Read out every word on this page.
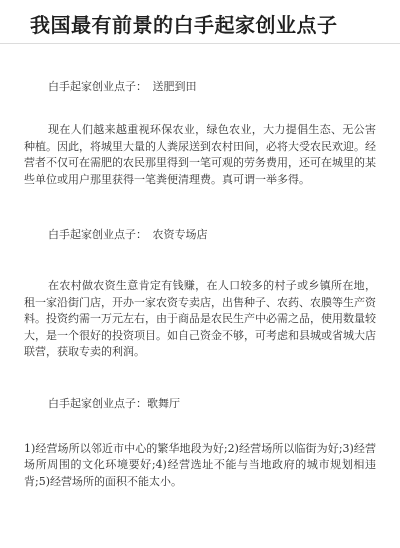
我国最有前景的白手起家创业点子

白手起家创业点子：　送肥到田

现在人们越来越重视环保农业，绿色农业，大力提倡生态、无公害种植。因此，将城里大量的人粪尿送到农村田间，必将大受农民欢迎。经营者不仅可在需肥的农民那里得到一笔可观的劳务费用，还可在城里的某些单位或用户那里获得一笔粪便清理费。真可谓一举多得。

白手起家创业点子：　农资专场店

在农村做农资生意肯定有钱赚，在人口较多的村子或乡镇所在地，租一家沿街门店，开办一家农资专卖店，出售种子、农药、农膜等生产资料。投资约需一万元左右，由于商品是农民生产中必需之品，使用数量较大，是一个很好的投资项目。如自己资金不够，可考虑和县城或省城大店联营，获取专卖的利润。

白手起家创业点子：歌舞厅

1)经营场所以邻近市中心的繁华地段为好;2)经营场所以临街为好;3)经营场所周围的文化环境要好;4)经营选址不能与当地政府的城市规划相违背;5)经营场所的面积不能太小。
